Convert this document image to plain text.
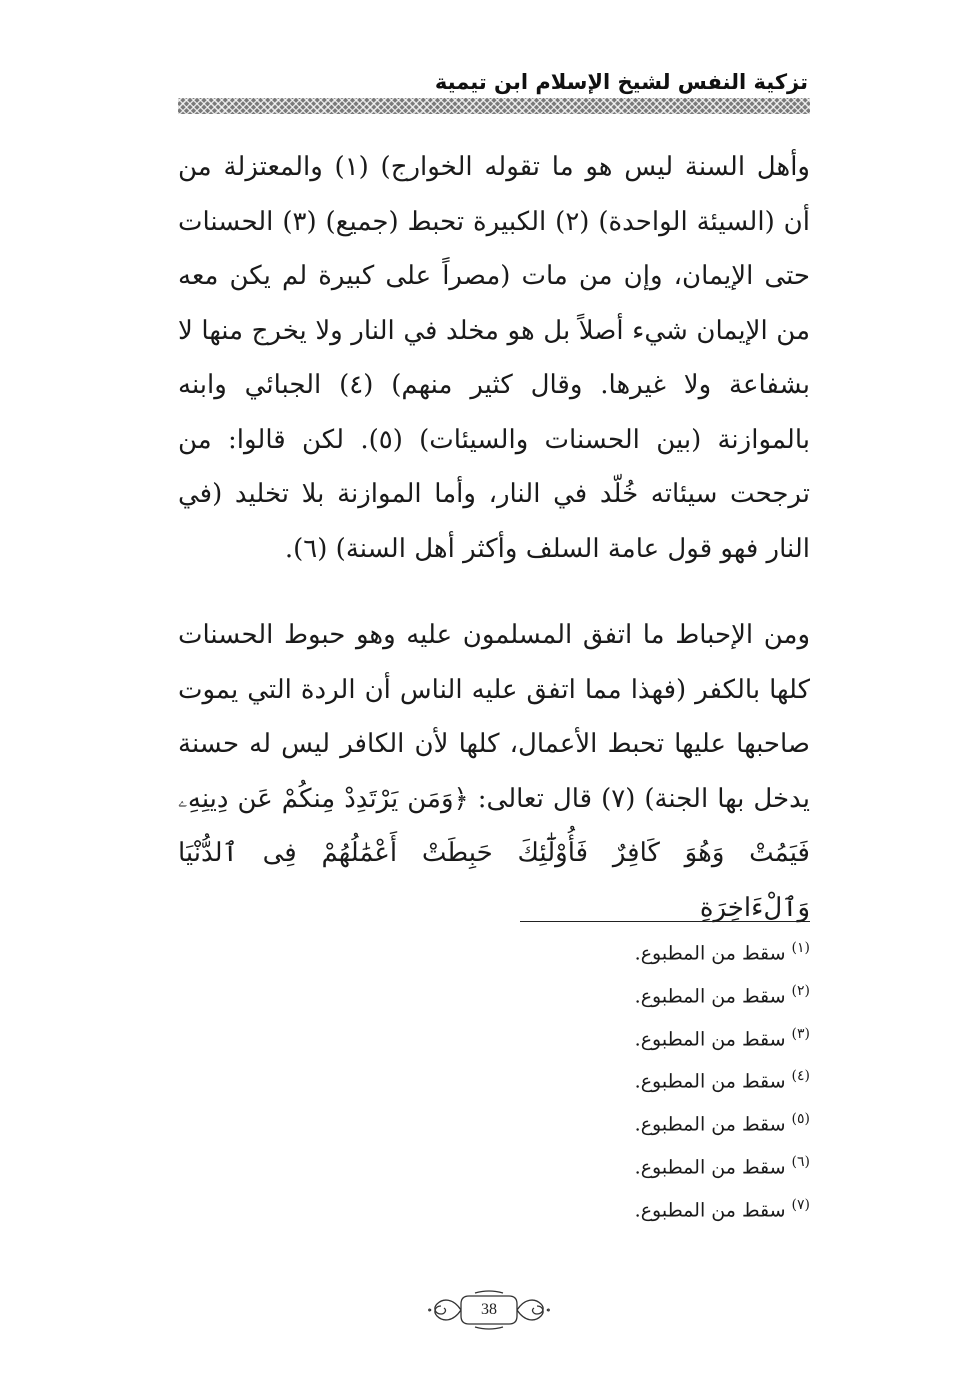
تزكية النفس لشيخ الإسلام ابن تيمية

وأهل السنة ليس هو ما تقوله الخوارج) (١) والمعتزلة من أن (السيئة الواحدة) (٢) الكبيرة تحبط (جميع) (٣) الحسنات حتى الإيمان، وإن من مات (مصراً على كبيرة لم يكن معه من الإيمان شيء أصلاً بل هو مخلد في النار ولا يخرج منها لا بشفاعة ولا غيرها. وقال كثير منهم) (٤) الجبائي وابنه بالموازنة (بين الحسنات والسيئات) (٥). لكن قالوا: من ترجحت سيئاته خُلّد في النار، وأما الموازنة بلا تخليد (في النار فهو قول عامة السلف وأكثر أهل السنة) (٦).

ومن الإحباط ما اتفق المسلمون عليه وهو حبوط الحسنات كلها بالكفر (فهذا مما اتفق عليه الناس أن الردة التي يموت صاحبها عليها تحبط الأعمال، كلها لأن الكافر ليس له حسنة يدخل بها الجنة) (٧) قال تعالى: ﴿وَمَن يَرْتَدِدْ مِنكُمْ عَن دِينِهِۦ فَيَمُتْ وَهُوَ كَافِرٌ فَأُوْلَٰٓئِكَ حَبِطَتْ أَعْمَٰلُهُمْ فِى ٱلدُّنْيَا وَٱلْءَاخِرَةِ

$^{(١)}$سقط من المطبوع.
$^{(٢)}$سقط من المطبوع.
$^{(٣)}$سقط من المطبوع.
$^{(٤)}$سقط من المطبوع.
$^{(٥)}$سقط من المطبوع.
$^{(٦)}$سقط من المطبوع.
$^{(٧)}$سقط من المطبوع.
38
